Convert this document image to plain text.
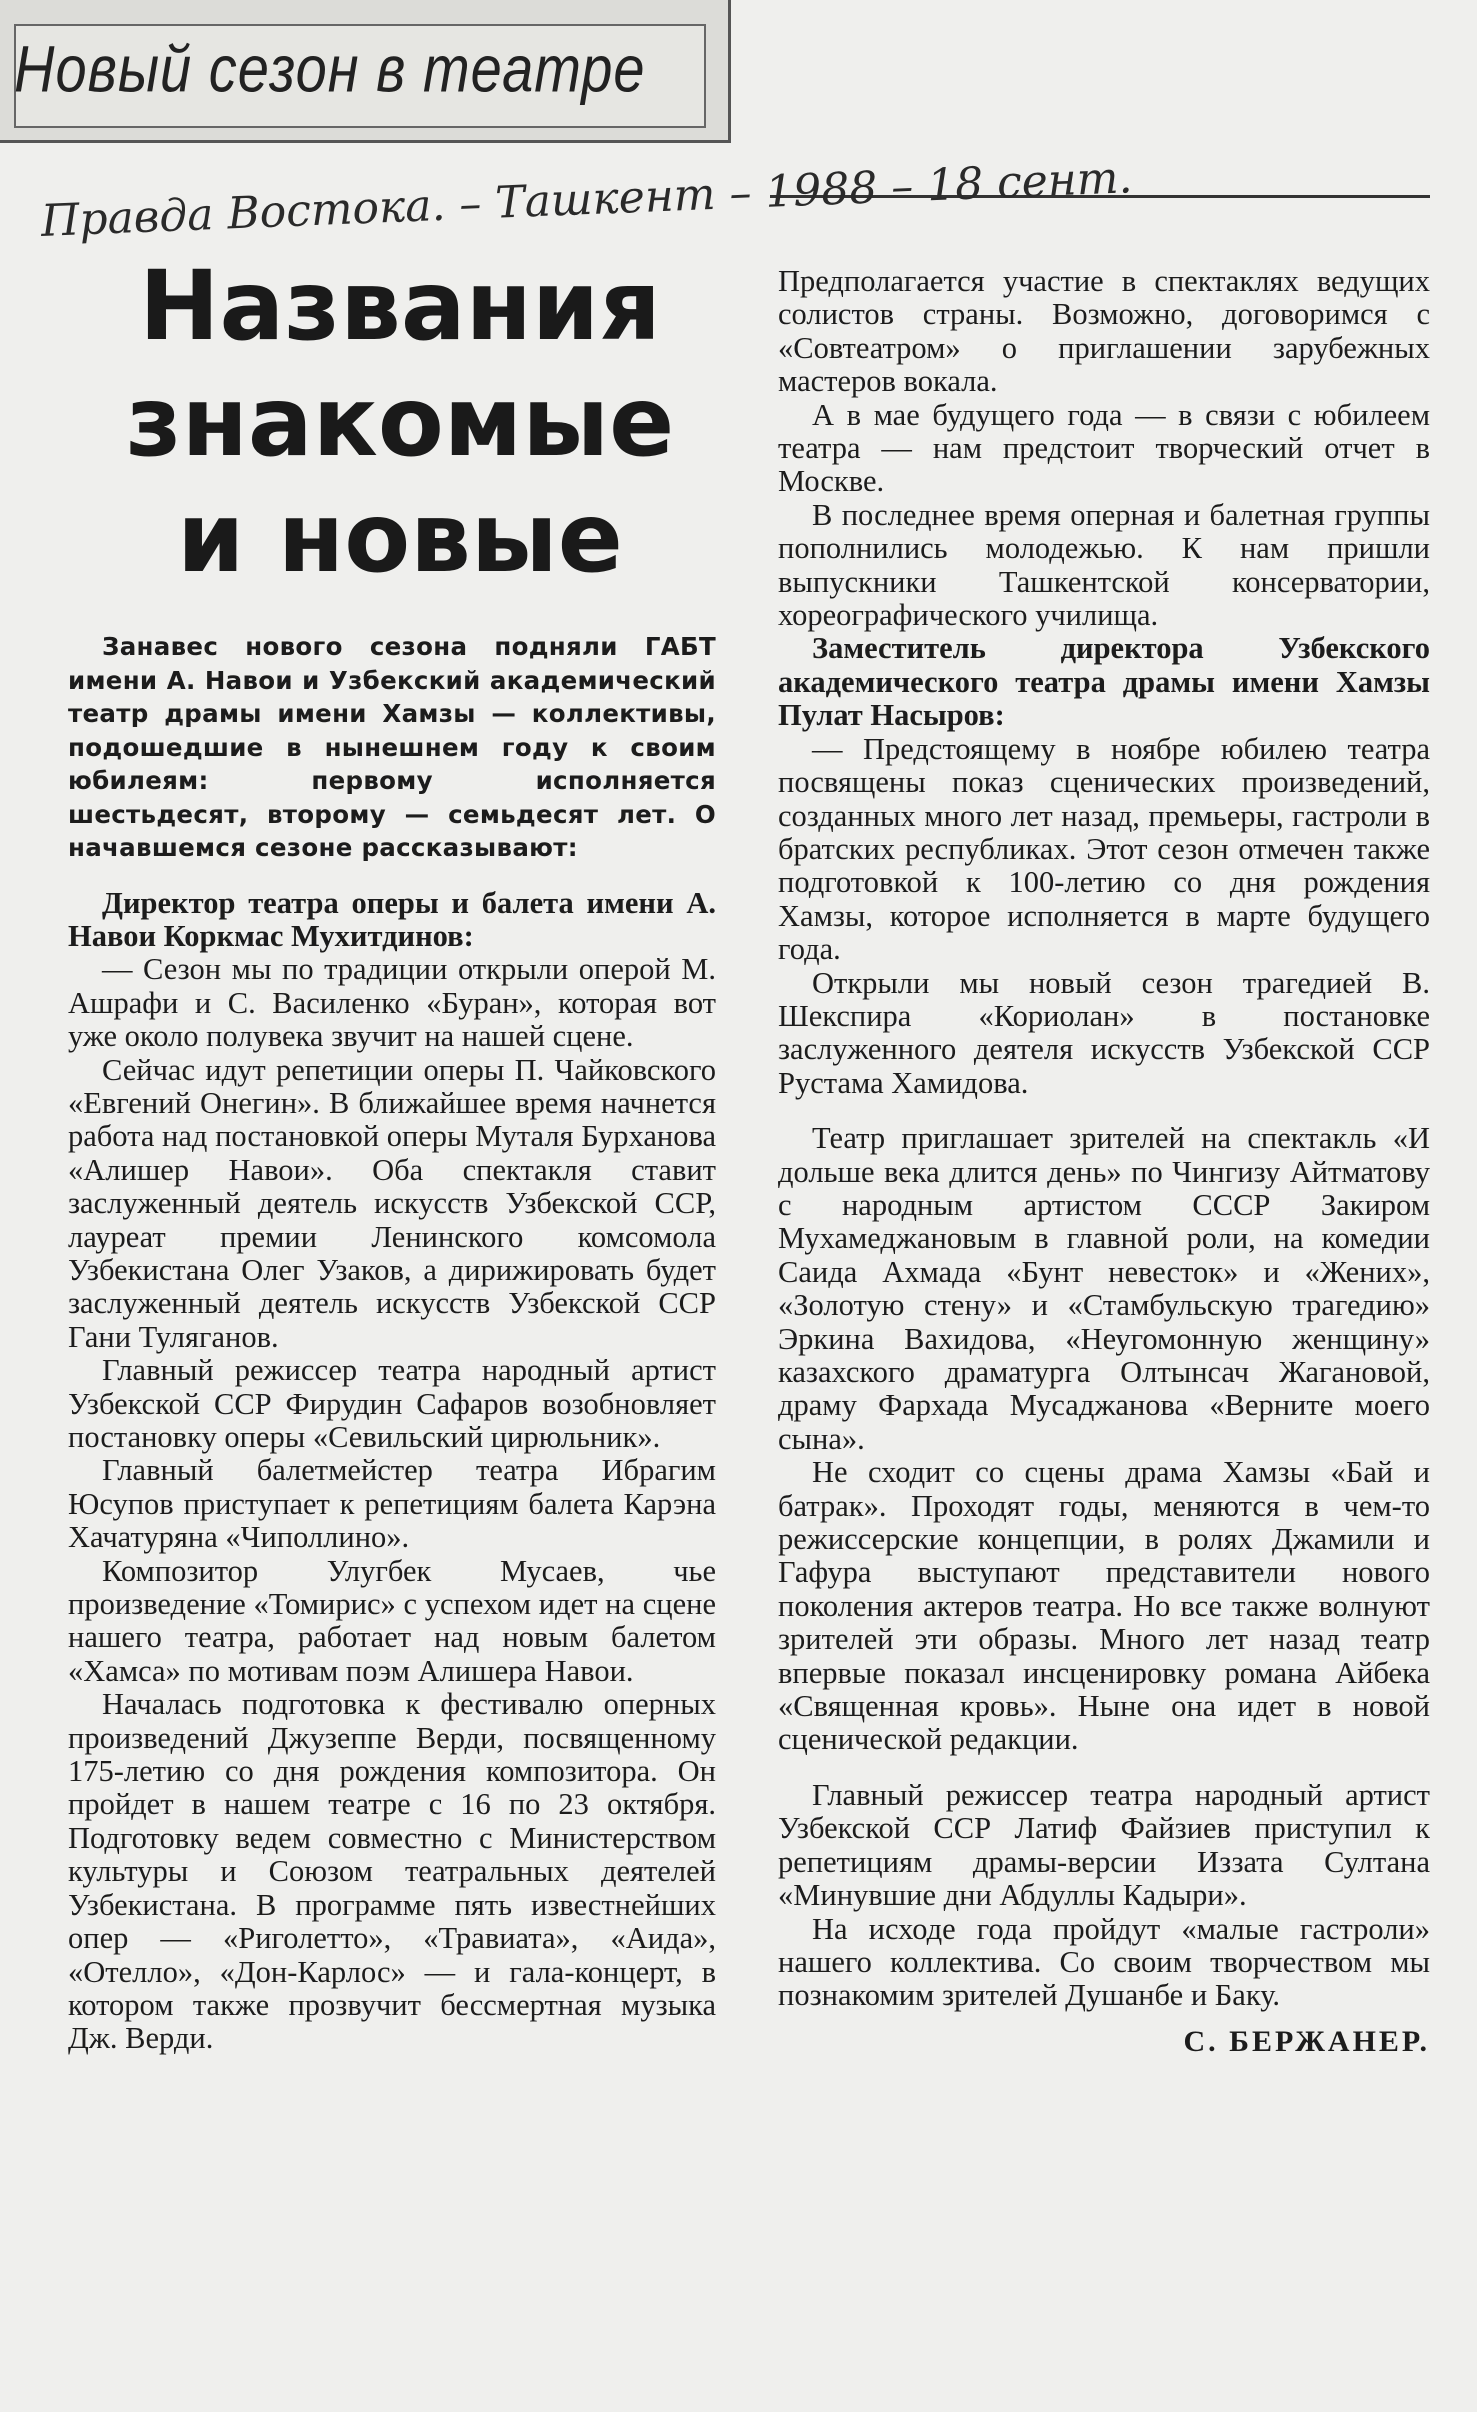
Новый сезон в театре
Правда Востока. – Ташкент – 1988 – 18 сент.
Названия
знакомые
и новые

Занавес нового сезона подняли ГАБТ имени А. Навои и Узбекский академический театр драмы имени Хамзы — коллективы, подошедшие в нынешнем году к своим юбилеям: первому исполняется шестьдесят, второму — семьдесят лет. О начавшемся сезоне рассказывают:

Директор театра оперы и балета имени А. Навои Коркмас Мухитдинов:

— Сезон мы по традиции открыли оперой М. Ашрафи и С. Василенко «Буран», которая вот уже около полувека звучит на нашей сцене.

Сейчас идут репетиции оперы П. Чайковского «Евгений Онегин». В ближайшее время начнется работа над постановкой оперы Муталя Бурханова «Алишер Навои». Оба спектакля ставит заслуженный деятель искусств Узбекской ССР, лауреат премии Ленинского комсомола Узбекистана Олег Узаков, а дирижировать будет заслуженный деятель искусств Узбекской ССР Гани Туляганов.

Главный режиссер театра народный артист Узбекской ССР Фирудин Сафаров возобновляет постановку оперы «Севильский цирюльник».

Главный балетмейстер театра Ибрагим Юсупов приступает к репетициям балета Карэна Хачатуряна «Чиполлино».

Композитор Улугбек Мусаев, чье произведение «Томирис» с успехом идет на сцене нашего театра, работает над новым балетом «Хамса» по мотивам поэм Алишера Навои.

Началась подготовка к фестивалю оперных произведений Джузеппе Верди, посвященному 175-летию со дня рождения композитора. Он пройдет в нашем театре с 16 по 23 октября. Подготовку ведем совместно с Министерством культуры и Союзом театральных деятелей Узбекистана. В программе пять известнейших опер — «Риголетто», «Травиата», «Аида», «Отелло», «Дон-Карлос» — и гала-концерт, в котором также прозвучит бессмертная музыка Дж. Верди.

Предполагается участие в спектаклях ведущих солистов страны. Возможно, договоримся с «Совтеатром» о приглашении зарубежных мастеров вокала.

А в мае будущего года — в связи с юбилеем театра — нам предстоит творческий отчет в Москве.

В последнее время оперная и балетная группы пополнились молодежью. К нам пришли выпускники Ташкентской консерватории, хореографического училища.

Заместитель директора Узбекского академического театра драмы имени Хамзы Пулат Насыров:

— Предстоящему в ноябре юбилею театра посвящены показ сценических произведений, созданных много лет назад, премьеры, гастроли в братских республиках. Этот сезон отмечен также подготовкой к 100-летию со дня рождения Хамзы, которое исполняется в марте будущего года.

Открыли мы новый сезон трагедией В. Шекспира «Кориолан» в постановке заслуженного деятеля искусств Узбекской ССР Рустама Хамидова.

Театр приглашает зрителей на спектакль «И дольше века длится день» по Чингизу Айтматову с народным артистом СССР Закиром Мухамеджановым в главной роли, на комедии Саида Ахмада «Бунт невесток» и «Жених», «Золотую стену» и «Стамбульскую трагедию» Эркина Вахидова, «Неугомонную женщину» казахского драматурга Олтынсач Жагановой, драму Фархада Мусаджанова «Верните моего сына».

Не сходит со сцены драма Хамзы «Бай и батрак». Проходят годы, меняются в чем-то режиссерские концепции, в ролях Джамили и Гафура выступают представители нового поколения актеров театра. Но все также волнуют зрителей эти образы. Много лет назад театр впервые показал инсценировку романа Айбека «Священная кровь». Ныне она идет в новой сценической редакции.

Главный режиссер театра народный артист Узбекской ССР Латиф Файзиев приступил к репетициям драмы-версии Иззата Султана «Минувшие дни Абдуллы Кадыри».

На исходе года пройдут «малые гастроли» нашего коллектива. Со своим творчеством мы познакомим зрителей Душанбе и Баку.

С. БЕРЖАНЕР.
